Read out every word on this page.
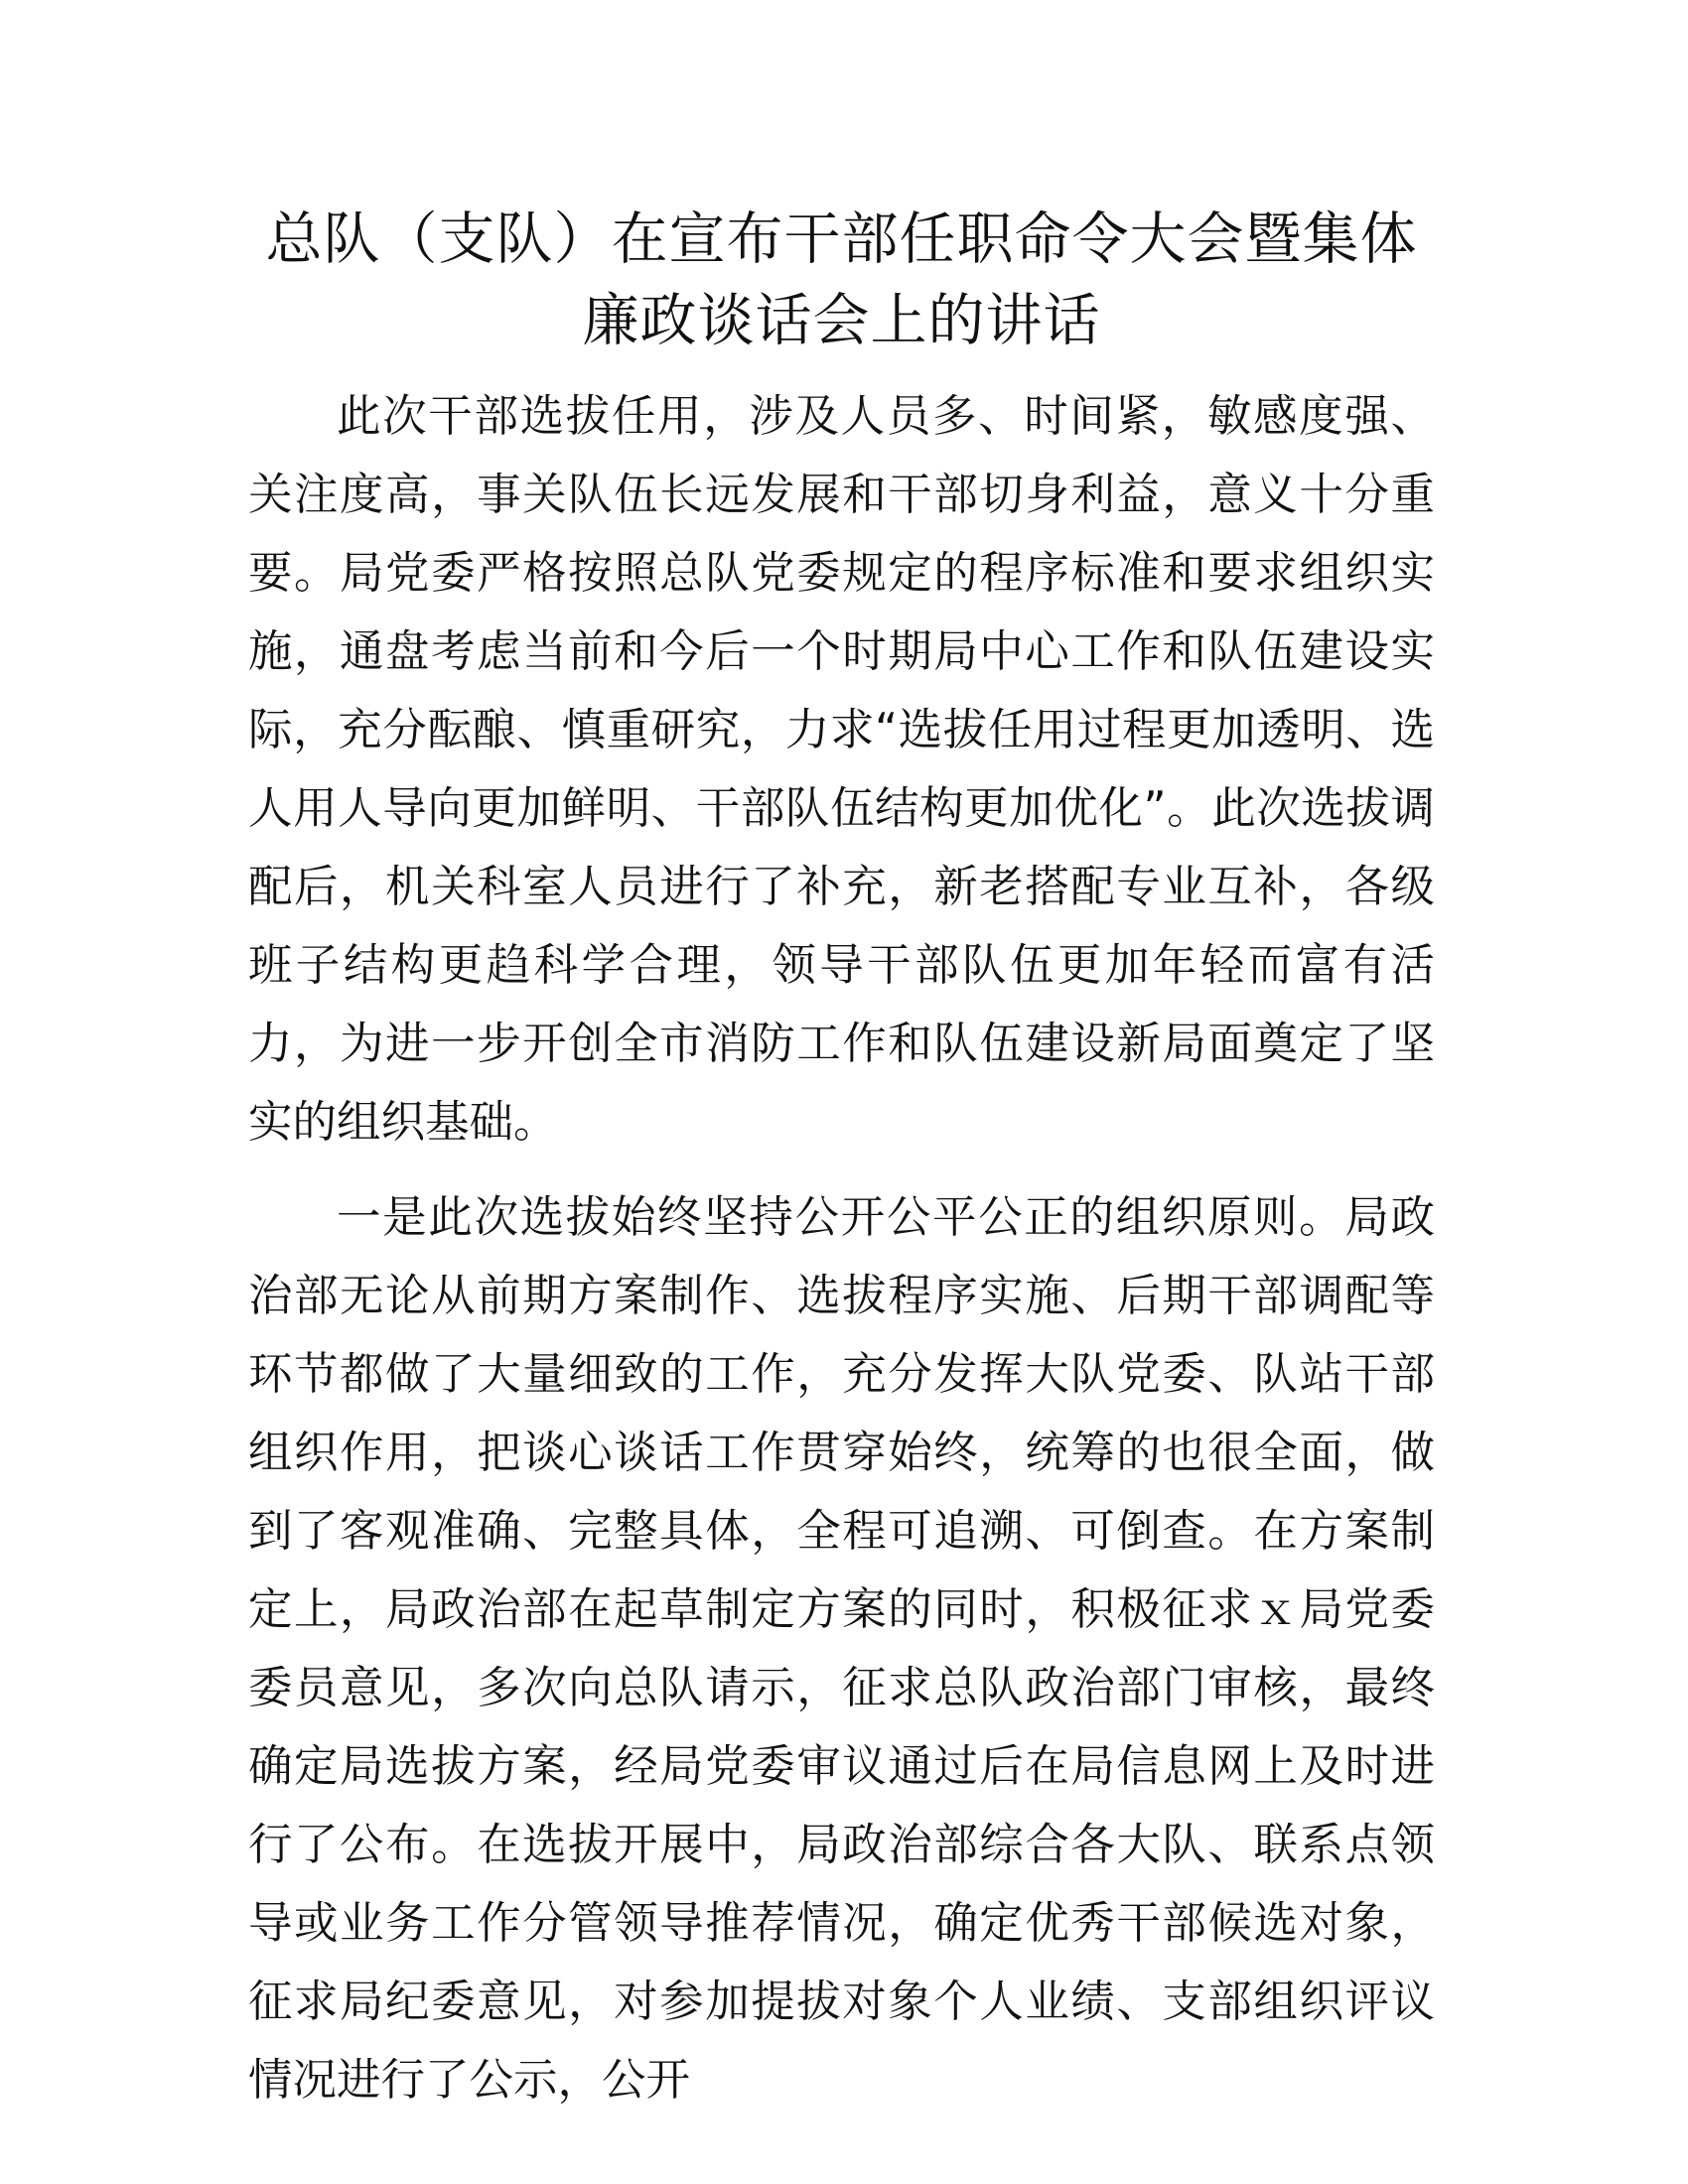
总队（支队）在宣布干部任职命令大会暨集体
廉政谈话会上的讲话

此次干部选拔任用，涉及人员多、时间紧，敏感度强、关注度高，事关队伍长远发展和干部切身利益，意义十分重要。局党委严格按照总队党委规定的程序标准和要求组织实施，通盘考虑当前和今后一个时期局中心工作和队伍建设实际，充分酝酿、慎重研究，力求“选拔任用过程更加透明、选人用人导向更加鲜明、干部队伍结构更加优化”。此次选拔调配后，机关科室人员进行了补充，新老搭配专业互补，各级班子结构更趋科学合理，领导干部队伍更加年轻而富有活力，为进一步开创全市消防工作和队伍建设新局面奠定了坚实的组织基础。

一是此次选拔始终坚持公开公平公正的组织原则。局政治部无论从前期方案制作、选拔程序实施、后期干部调配等环节都做了大量细致的工作，充分发挥大队党委、队站干部组织作用，把谈心谈话工作贯穿始终，统筹的也很全面，做到了客观准确、完整具体，全程可追溯、可倒查。在方案制定上，局政治部在起草制定方案的同时，积极征求ｘ局党委委员意见，多次向总队请示，征求总队政治部门审核，最终确定局选拔方案，经局党委审议通过后在局信息网上及时进行了公布。在选拔开展中，局政治部综合各大队、联系点领导或业务工作分管领导推荐情况，确定优秀干部候选对象，征求局纪委意见，对参加提拔对象个人业绩、支部组织评议情况进行了公示，公开
